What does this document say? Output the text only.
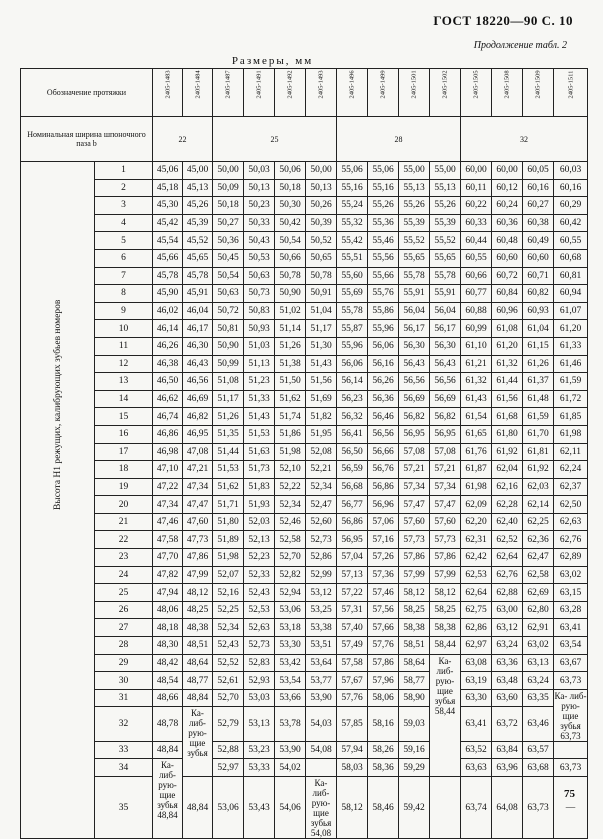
ГОСТ 18220—90 С. 10
Продолжение табл. 2
Размеры, мм
Обозначение протяжки		2405-1483	2405-1484	2405-1487	2405-1491	2405-1492	2405-1493	2405-1496	2405-1499	2405-1501	2405-1502	2405-1505	2405-1508	2405-1509	2405-1511

Номинальная ширина шпоночного паза b		22		25				28				32			

Высота H1 режущих, калибрующих зубьев номеров	1	45,06	45,00	50,00	50,03	50,06	50,00	55,06	55,06	55,00	55,00	60,00	60,00	60,05	60,03
	2	45,18	45,13	50,09	50,13	50,18	50,13	55,16	55,16	55,13	55,13	60,11	60,12	60,16	60,16
	3	45,30	45,26	50,18	50,23	50,30	50,26	55,24	55,26	55,26	55,26	60,22	60,24	60,27	60,29
	4	45,42	45,39	50,27	50,33	50,42	50,39	55,32	55,36	55,39	55,39	60,33	60,36	60,38	60,42
	5	45,54	45,52	50,36	50,43	50,54	50,52	55,42	55,46	55,52	55,52	60,44	60,48	60,49	60,55
	6	45,66	45,65	50,45	50,53	50,66	50,65	55,51	55,56	55,65	55,65	60,55	60,60	60,60	60,68
	7	45,78	45,78	50,54	50,63	50,78	50,78	55,60	55,66	55,78	55,78	60,66	60,72	60,71	60,81
	8	45,90	45,91	50,63	50,73	50,90	50,91	55,69	55,76	55,91	55,91	60,77	60,84	60,82	60,94
	9	46,02	46,04	50,72	50,83	51,02	51,04	55,78	55,86	56,04	56,04	60,88	60,96	60,93	61,07
	10	46,14	46,17	50,81	50,93	51,14	51,17	55,87	55,96	56,17	56,17	60,99	61,08	61,04	61,20
	11	46,26	46,30	50,90	51,03	51,26	51,30	55,96	56,06	56,30	56,30	61,10	61,20	61,15	61,33
	12	46,38	46,43	50,99	51,13	51,38	51,43	56,06	56,16	56,43	56,43	61,21	61,32	61,26	61,46
	13	46,50	46,56	51,08	51,23	51,50	51,56	56,14	56,26	56,56	56,56	61,32	61,44	61,37	61,59
	14	46,62	46,69	51,17	51,33	51,62	51,69	56,23	56,36	56,69	56,69	61,43	61,56	61,48	61,72
	15	46,74	46,82	51,26	51,43	51,74	51,82	56,32	56,46	56,82	56,82	61,54	61,68	61,59	61,85
	16	46,86	46,95	51,35	51,53	51,86	51,95	56,41	56,56	56,95	56,95	61,65	61,80	61,70	61,98
	17	46,98	47,08	51,44	51,63	51,98	52,08	56,50	56,66	57,08	57,08	61,76	61,92	61,81	62,11
	18	47,10	47,21	51,53	51,73	52,10	52,21	56,59	56,76	57,21	57,21	61,87	62,04	61,92	62,24
	19	47,22	47,34	51,62	51,83	52,22	52,34	56,68	56,86	57,34	57,34	61,98	62,16	62,03	62,37
	20	47,34	47,47	51,71	51,93	52,34	52,47	56,77	56,96	57,47	57,47	62,09	62,28	62,14	62,50
	21	47,46	47,60	51,80	52,03	52,46	52,60	56,86	57,06	57,60	57,60	62,20	62,40	62,25	62,63
	22	47,58	47,73	51,89	52,13	52,58	52,73	56,95	57,16	57,73	57,73	62,31	62,52	62,36	62,76
	23	47,70	47,86	51,98	52,23	52,70	52,86	57,04	57,26	57,86	57,86	62,42	62,64	62,47	62,89
	24	47,82	47,99	52,07	52,33	52,82	52,99	57,13	57,36	57,99	57,99	62,53	62,76	62,58	63,02
	25	47,94	48,12	52,16	52,43	52,94	53,12	57,22	57,46	58,12	58,12	62,64	62,88	62,69	63,15
	26	48,06	48,25	52,25	52,53	53,06	53,25	57,31	57,56	58,25	58,25	62,75	63,00	62,80	63,28
	27	48,18	48,38	52,34	52,63	53,18	53,38	57,40	57,66	58,38	58,38	62,86	63,12	62,91	63,41
	28	48,30	48,51	52,43	52,73	53,30	53,51	57,49	57,76	58,51	58,44	62,97	63,24	63,02	63,54
	29	48,42	48,64	52,52	52,83	53,42	53,64	57,58	57,86	58,64	Ка- либ- рую- щие зубья 58,44	63,08	63,36	63,13	63,67
	30	48,54	48,77	52,61	52,93	53,54	53,77	57,67	57,96	58,77		63,19	63,48	63,24	63,73
	31	48,66	48,84	52,70	53,03	53,66	53,90	57,76	58,06	58,90		63,30	63,60	63,35	Ка- либ- рую- щие зубья 63,73
	32	48,78	Ка- либ- рую- щие зубья	52,79	53,13	53,78	54,03	57,85	58,16	59,03		63,41	63,72	63,46	
	33	48,84		52,88	53,23	53,90	54,08	57,94	58,26	59,16		63,52	63,84	63,57	
	34	Ка- либ- рую- щие зубья 48,84		52,97	53,33	54,02		58,03	58,36	59,29		63,63	63,96	63,68	63,73
	35		48,84	53,06	53,43	54,06	Ка- либ- рую- щие зубья 54,08	58,12	58,46	59,42		63,74	64,08	63,73	—
75
